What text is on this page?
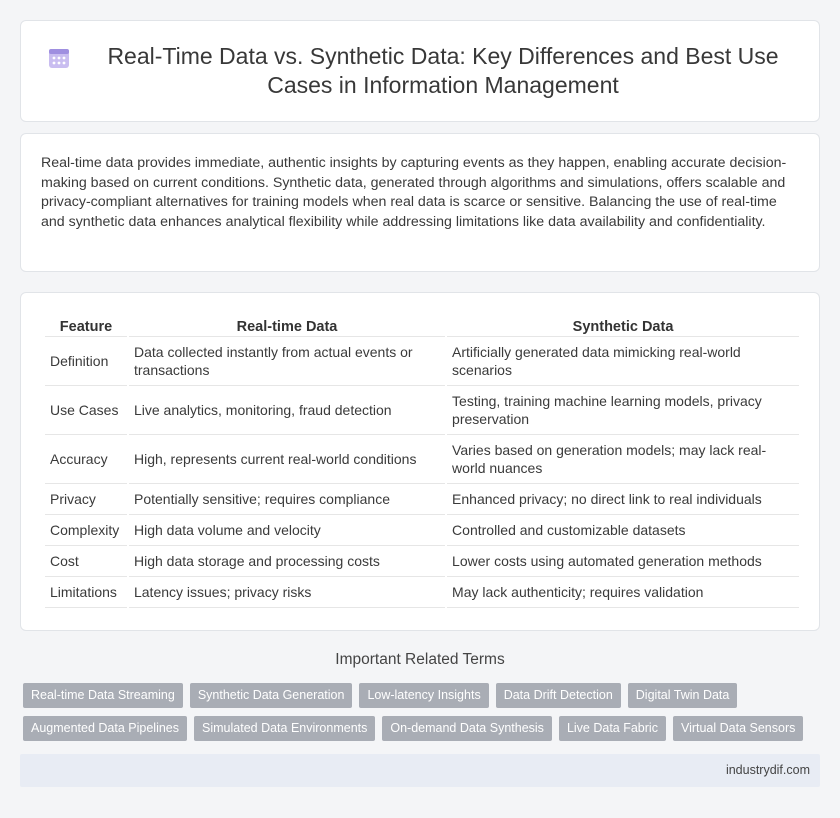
Real-Time Data vs. Synthetic Data: Key Differences and Best Use Cases in Information Management

Real-time data provides immediate, authentic insights by capturing events as they happen, enabling accurate decision-making based on current conditions. Synthetic data, generated through algorithms and simulations, offers scalable and privacy-compliant alternatives for training models when real data is scarce or sensitive. Balancing the use of real-time and synthetic data enhances analytical flexibility while addressing limitations like data availability and confidentiality.

Feature	Real-time Data	Synthetic Data
Definition	Data collected instantly from actual events or transactions	Artificially generated data mimicking real-world scenarios
Use Cases	Live analytics, monitoring, fraud detection	Testing, training machine learning models, privacy preservation
Accuracy	High, represents current real-world conditions	Varies based on generation models; may lack real-world nuances
Privacy	Potentially sensitive; requires compliance	Enhanced privacy; no direct link to real individuals
Complexity	High data volume and velocity	Controlled and customizable datasets
Cost	High data storage and processing costs	Lower costs using automated generation methods
Limitations	Latency issues; privacy risks	May lack authenticity; requires validation
Important Related Terms
Real-time Data Streaming	Synthetic Data Generation	Low-latency Insights	Data Drift Detection	Digital Twin Data
Augmented Data Pipelines	Simulated Data Environments	On-demand Data Synthesis	Live Data Fabric	Virtual Data Sensors
industrydif.com
